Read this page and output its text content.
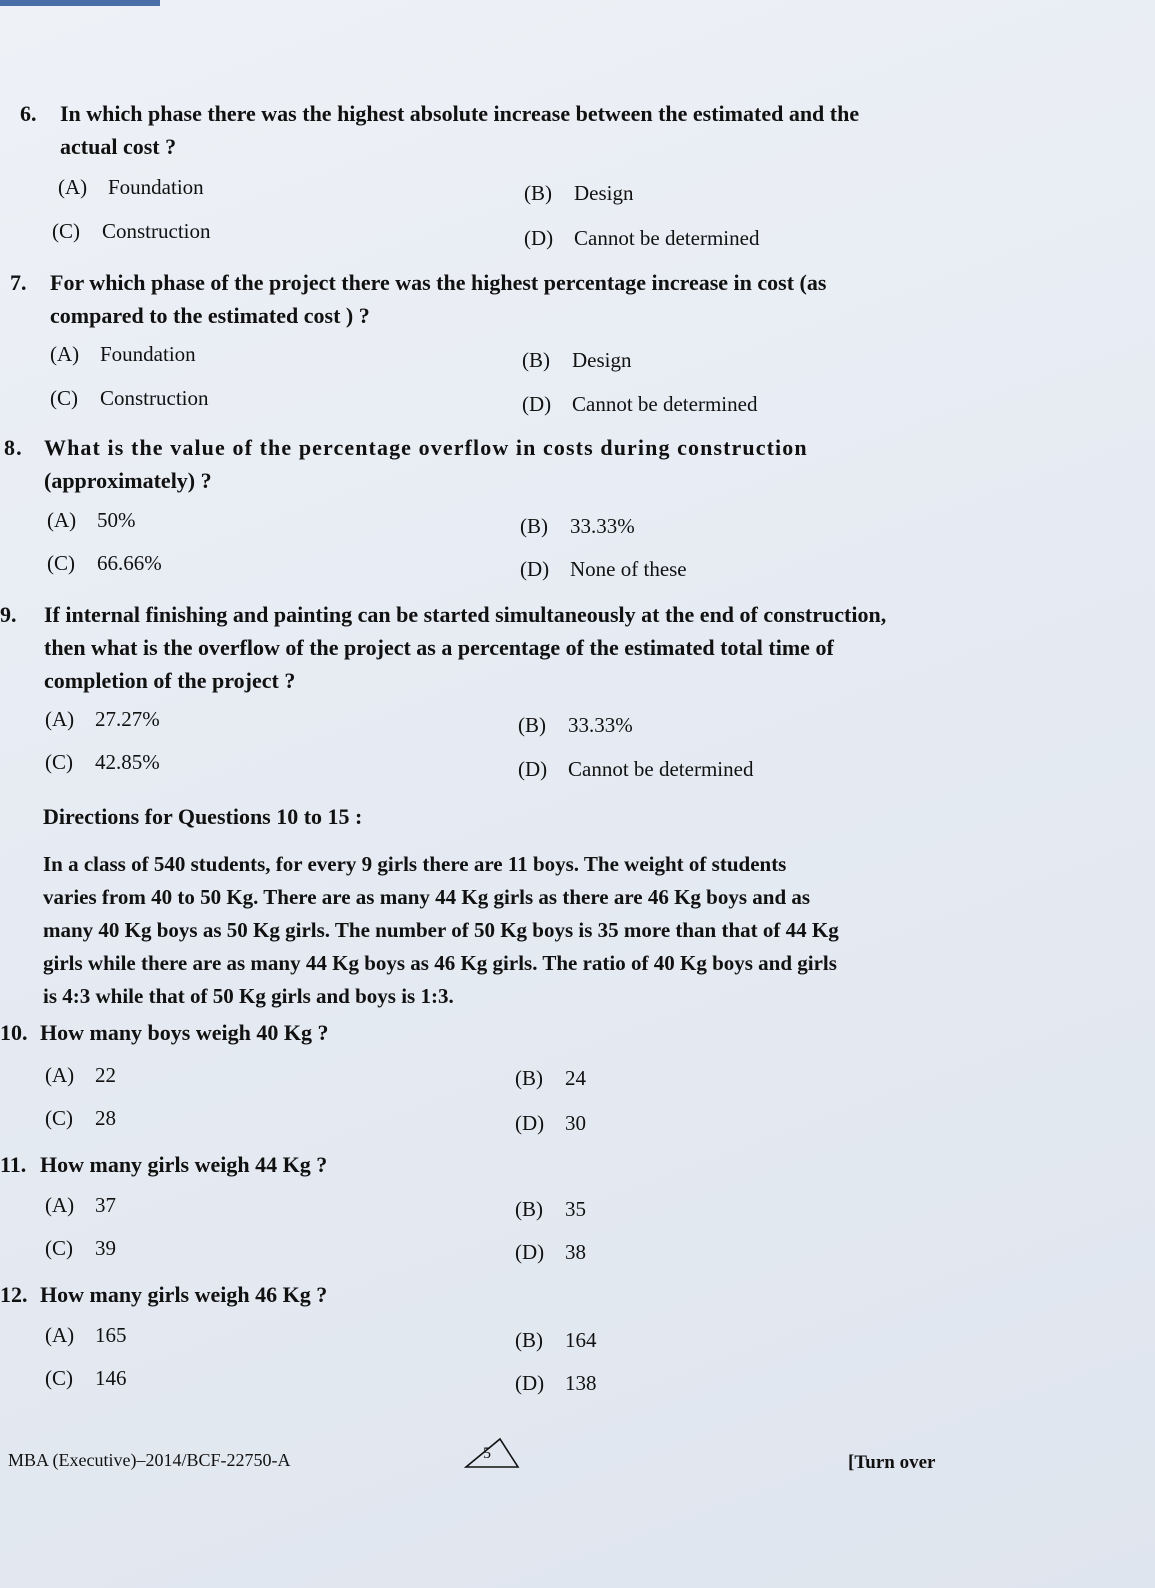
6. In which phase there was the highest absolute increase between the estimated and the
actual cost ?
(A) Foundation	(B) Design
(C) Construction	(D) Cannot be determined
7. For which phase of the project there was the highest percentage increase in cost (as
compared to the estimated cost ) ?
(A) Foundation	(B) Design
(C) Construction	(D) Cannot be determined
8. What is the value of the percentage overflow in costs during construction
(approximately) ?
(A) 50%	(B) 33.33%
(C) 66.66%	(D) None of these
9. If internal finishing and painting can be started simultaneously at the end of construction,
then what is the overflow of the project as a percentage of the estimated total time of
completion of the project ?
(A) 27.27%	(B) 33.33%
(C) 42.85%	(D) Cannot be determined
Directions for Questions 10 to 15 :
In a class of 540 students, for every 9 girls there are 11 boys. The weight of students
varies from 40 to 50 Kg. There are as many 44 Kg girls as there are 46 Kg boys and as
many 40 Kg boys as 50 Kg girls. The number of 50 Kg boys is 35 more than that of 44 Kg
girls while there are as many 44 Kg boys as 46 Kg girls. The ratio of 40 Kg boys and girls
is 4:3 while that of 50 Kg girls and boys is 1:3.
10. How many boys weigh 40 Kg ?
(A) 22	(B) 24
(C) 28	(D) 30
11. How many girls weigh 44 Kg ?
(A) 37	(B) 35
(C) 39	(D) 38
12. How many girls weigh 46 Kg ?
(A) 165	(B) 164
(C) 146	(D) 138
MBA (Executive)–2014/BCF-22750-A	5	[Turn over
